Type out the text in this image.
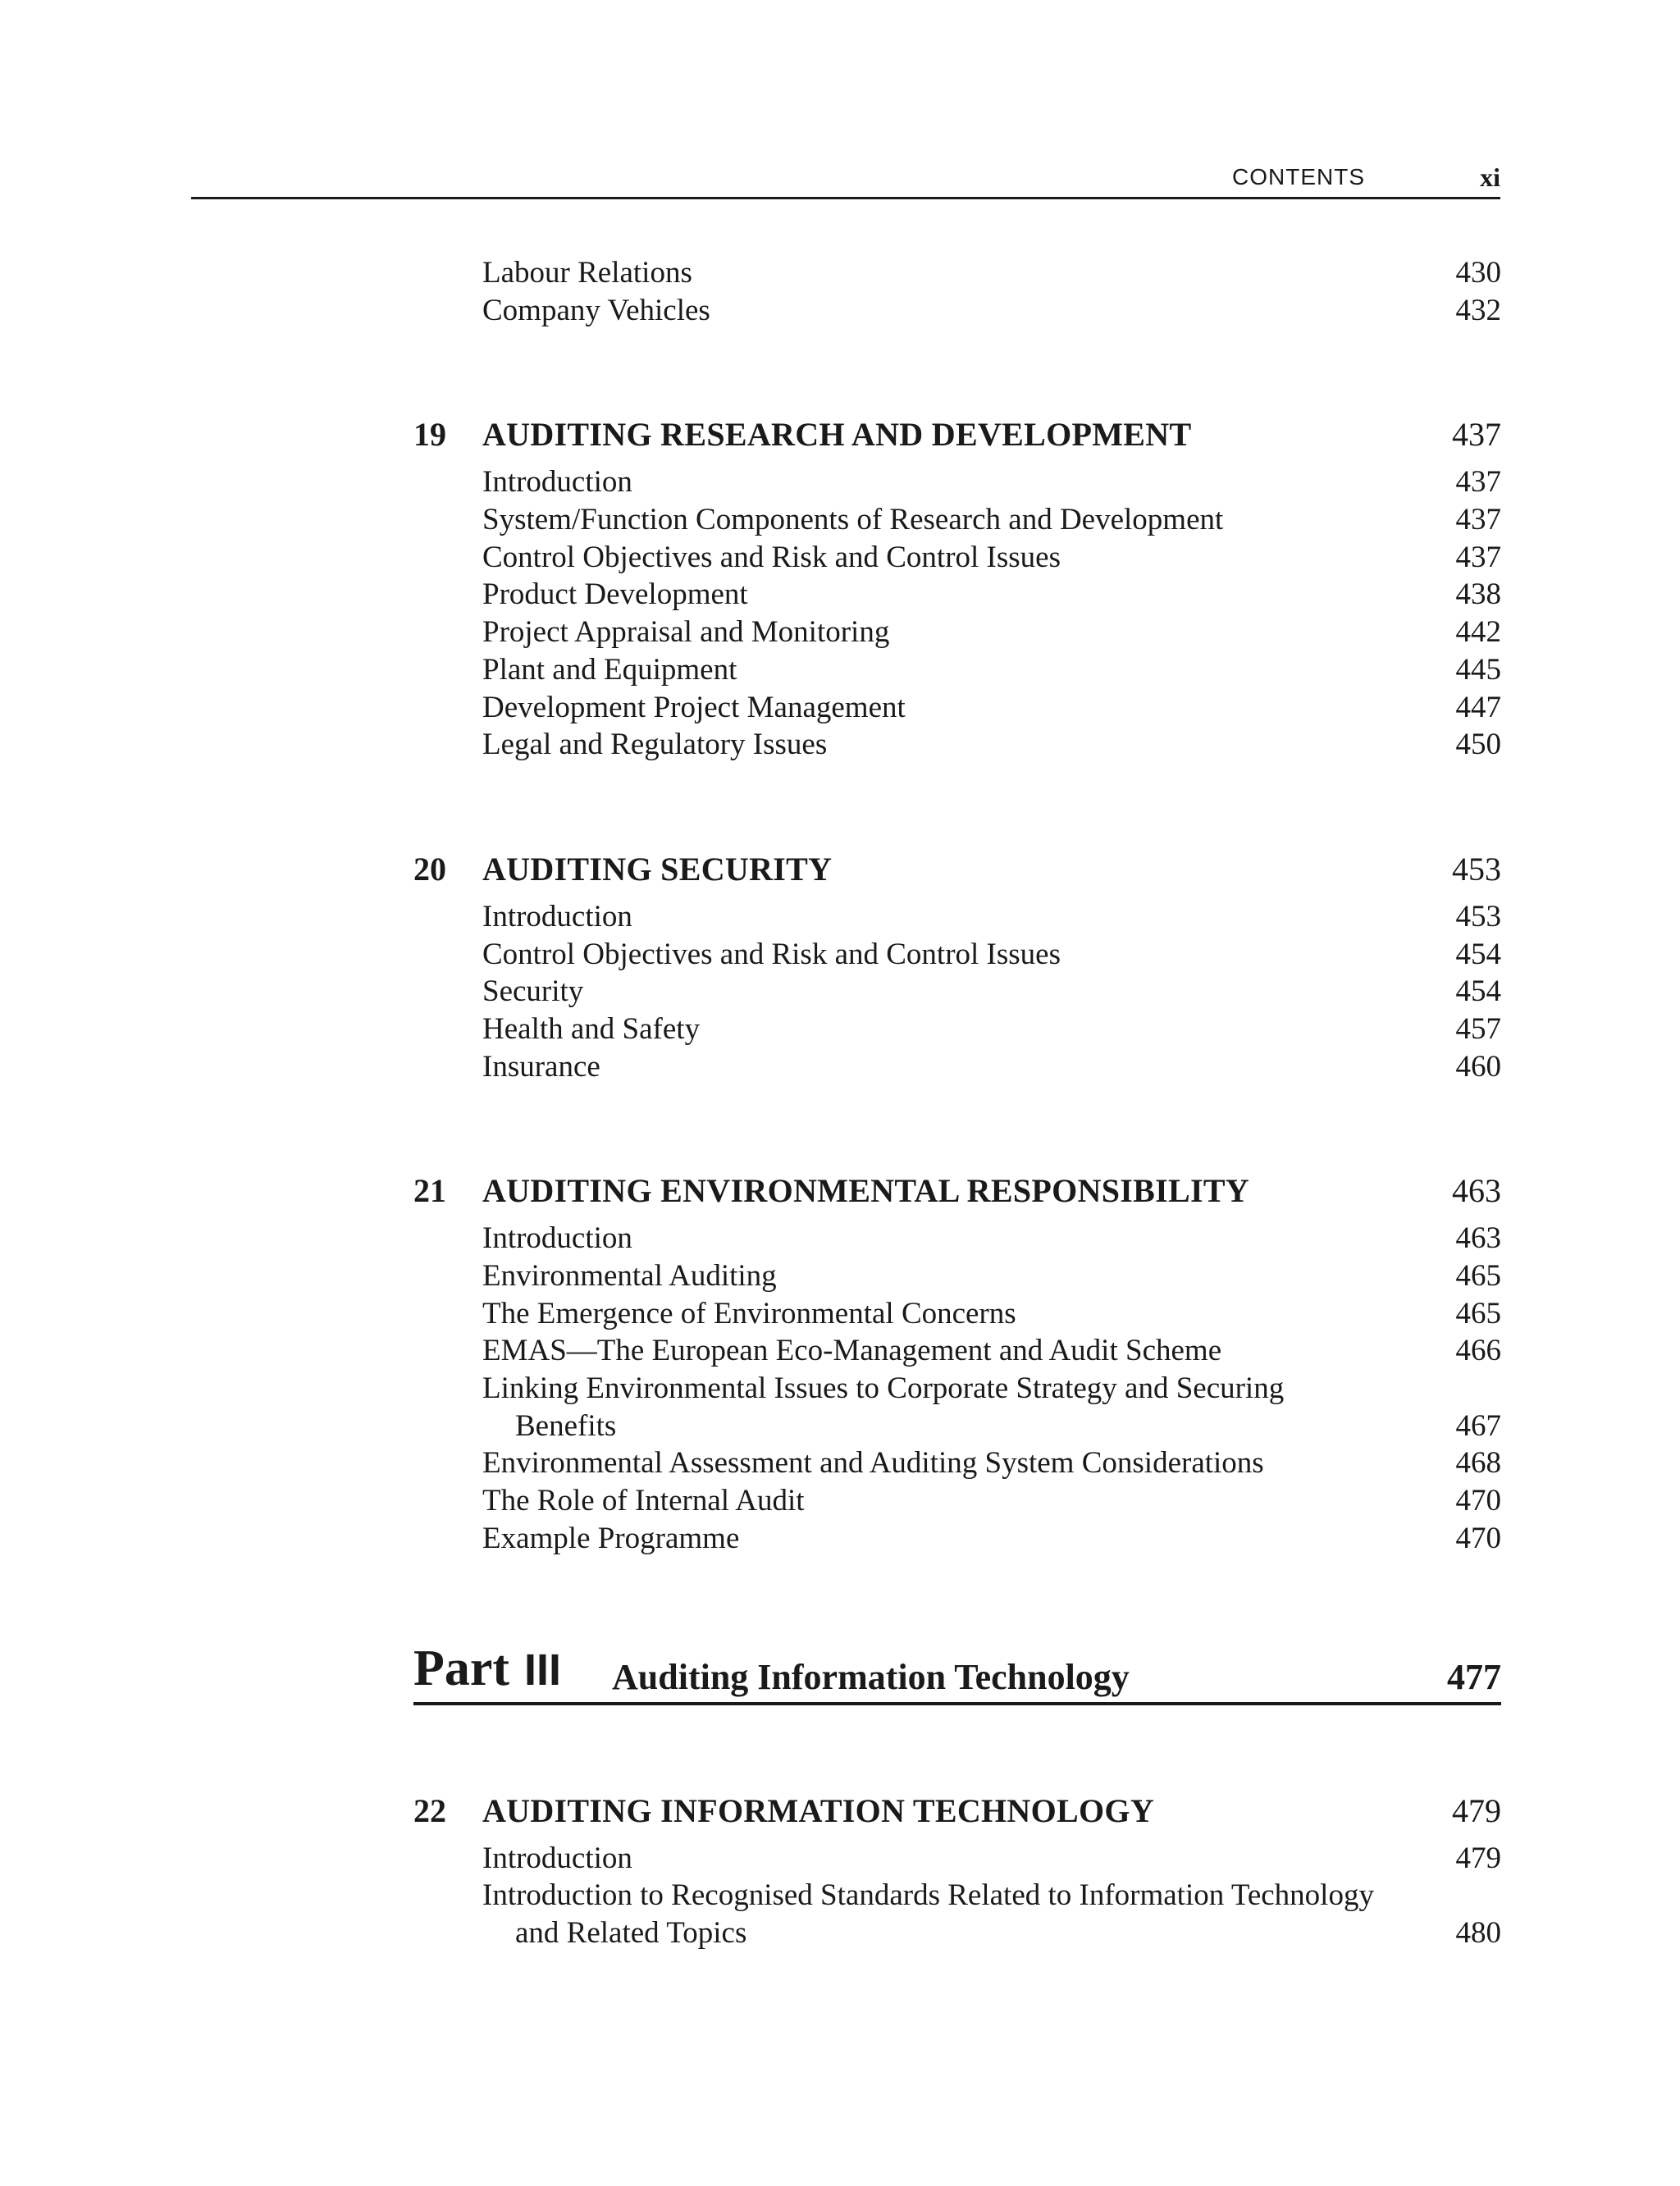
CONTENTS	xi
Labour Relations	430
Company Vehicles	432
19 AUDITING RESEARCH AND DEVELOPMENT	437
Introduction	437
System/Function Components of Research and Development	437
Control Objectives and Risk and Control Issues	437
Product Development	438
Project Appraisal and Monitoring	442
Plant and Equipment	445
Development Project Management	447
Legal and Regulatory Issues	450
20 AUDITING SECURITY	453
Introduction	453
Control Objectives and Risk and Control Issues	454
Security	454
Health and Safety	457
Insurance	460
21 AUDITING ENVIRONMENTAL RESPONSIBILITY	463
Introduction	463
Environmental Auditing	465
The Emergence of Environmental Concerns	465
EMAS—The European Eco-Management and Audit Scheme	466
Linking Environmental Issues to Corporate Strategy and Securing
Benefits	467
Environmental Assessment and Auditing System Considerations	468
The Role of Internal Audit	470
Example Programme	470
Part III Auditing Information Technology	477
22 AUDITING INFORMATION TECHNOLOGY	479
Introduction	479
Introduction to Recognised Standards Related to Information Technology
and Related Topics	480
